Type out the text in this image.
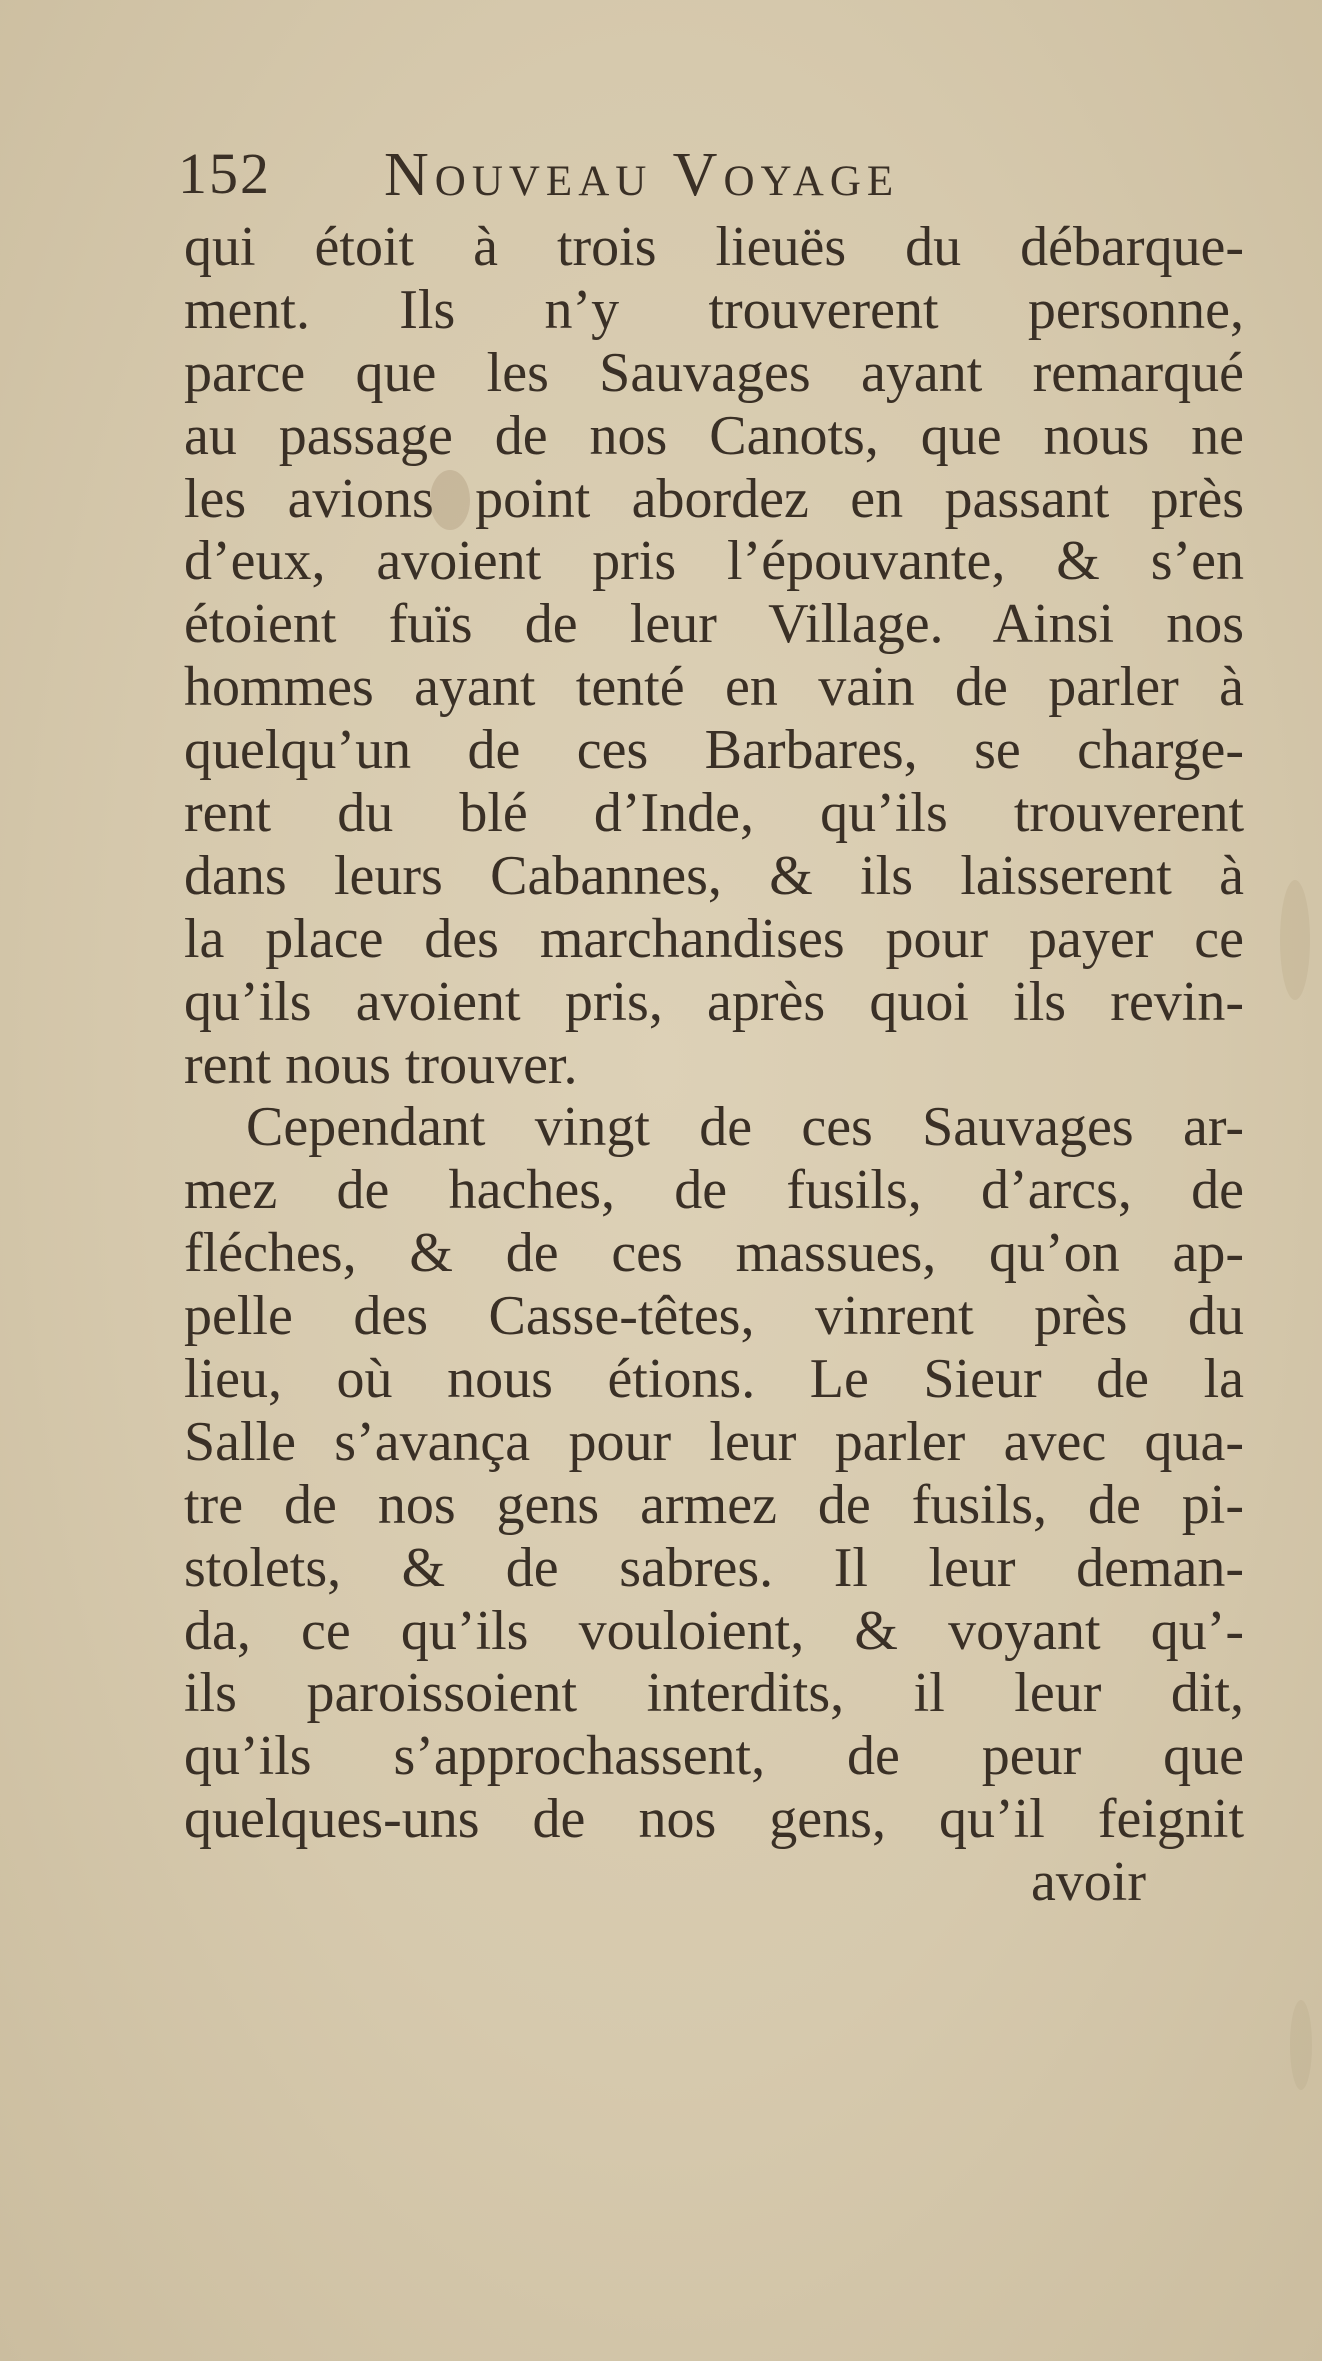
152 Nouveau Voyage
qui étoit à trois lieuës du débarque-
ment. Ils n’y trouverent personne,
parce que les Sauvages ayant remarqué
au passage de nos Canots, que nous ne
les avions point abordez en passant près
d’eux, avoient pris l’épouvante, & s’en
étoient fuïs de leur Village. Ainsi nos
hommes ayant tenté en vain de parler à
quelqu’un de ces Barbares, se charge-
rent du blé d’Inde, qu’ils trouverent
dans leurs Cabannes, & ils laisserent à
la place des marchandises pour payer ce
qu’ils avoient pris, après quoi ils revin-
rent nous trouver.
Cependant vingt de ces Sauvages ar-
mez de haches, de fusils, d’arcs, de
fléches, & de ces massues, qu’on ap-
pelle des Casse-têtes, vinrent près du
lieu, où nous étions. Le Sieur de la
Salle s’avança pour leur parler avec qua-
tre de nos gens armez de fusils, de pi-
stolets, & de sabres. Il leur deman-
da, ce qu’ils vouloient, & voyant qu’-
ils paroissoient interdits, il leur dit,
qu’ils s’approchassent, de peur que
quelques-uns de nos gens, qu’il feignit
avoir
